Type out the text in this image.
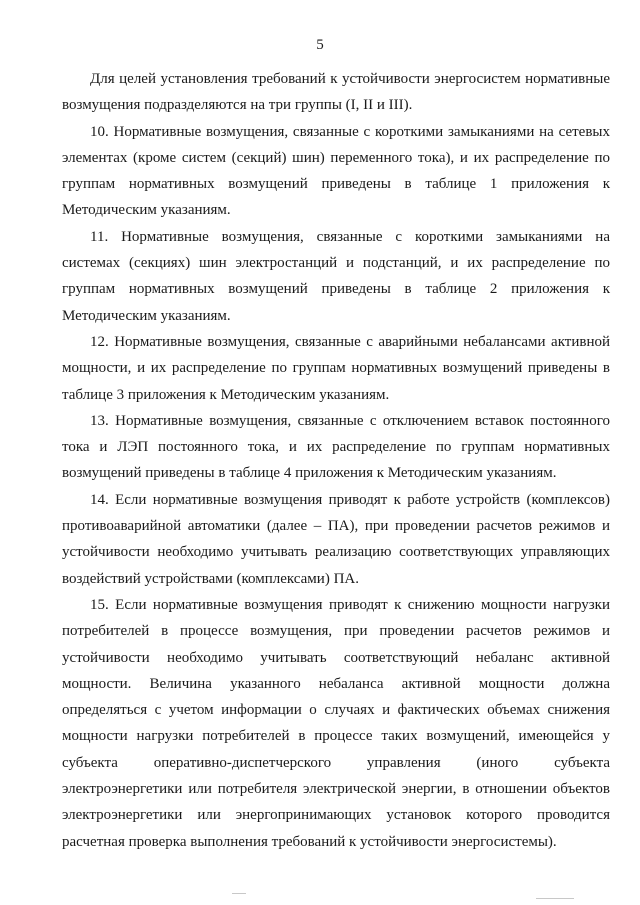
5
Для целей установления требований к устойчивости энергосистем нормативные
возмущения подразделяются на три группы (I, II и III).
10. Нормативные возмущения, связанные с короткими замыканиями на сетевых
элементах (кроме систем (секций) шин) переменного тока), и их распределение по
группам нормативных возмущений приведены в таблице 1 приложения к
Методическим указаниям.
11. Нормативные возмущения, связанные с короткими замыканиями на
системах (секциях) шин электростанций и подстанций, и их распределение по
группам нормативных возмущений приведены в таблице 2 приложения к
Методическим указаниям.
12. Нормативные возмущения, связанные с аварийными небалансами активной
мощности, и их распределение по группам нормативных возмущений приведены в
таблице 3 приложения к Методическим указаниям.
13. Нормативные возмущения, связанные с отключением вставок постоянного
тока и ЛЭП постоянного тока, и их распределение по группам нормативных
возмущений приведены в таблице 4 приложения к Методическим указаниям.
14. Если нормативные возмущения приводят к работе устройств (комплексов)
противоаварийной автоматики (далее – ПА), при проведении расчетов режимов и
устойчивости необходимо учитывать реализацию соответствующих управляющих
воздействий устройствами (комплексами) ПА.
15. Если нормативные возмущения приводят к снижению мощности нагрузки
потребителей в процессе возмущения, при проведении расчетов режимов и
устойчивости необходимо учитывать соответствующий небаланс активной
мощности. Величина указанного небаланса активной мощности должна
определяться с учетом информации о случаях и фактических объемах снижения
мощности нагрузки потребителей в процессе таких возмущений, имеющейся у
субъекта оперативно-диспетчерского управления (иного субъекта
электроэнергетики или потребителя электрической энергии, в отношении объектов
электроэнергетики или энергопринимающих установок которого проводится
расчетная проверка выполнения требований к устойчивости энергосистемы).
